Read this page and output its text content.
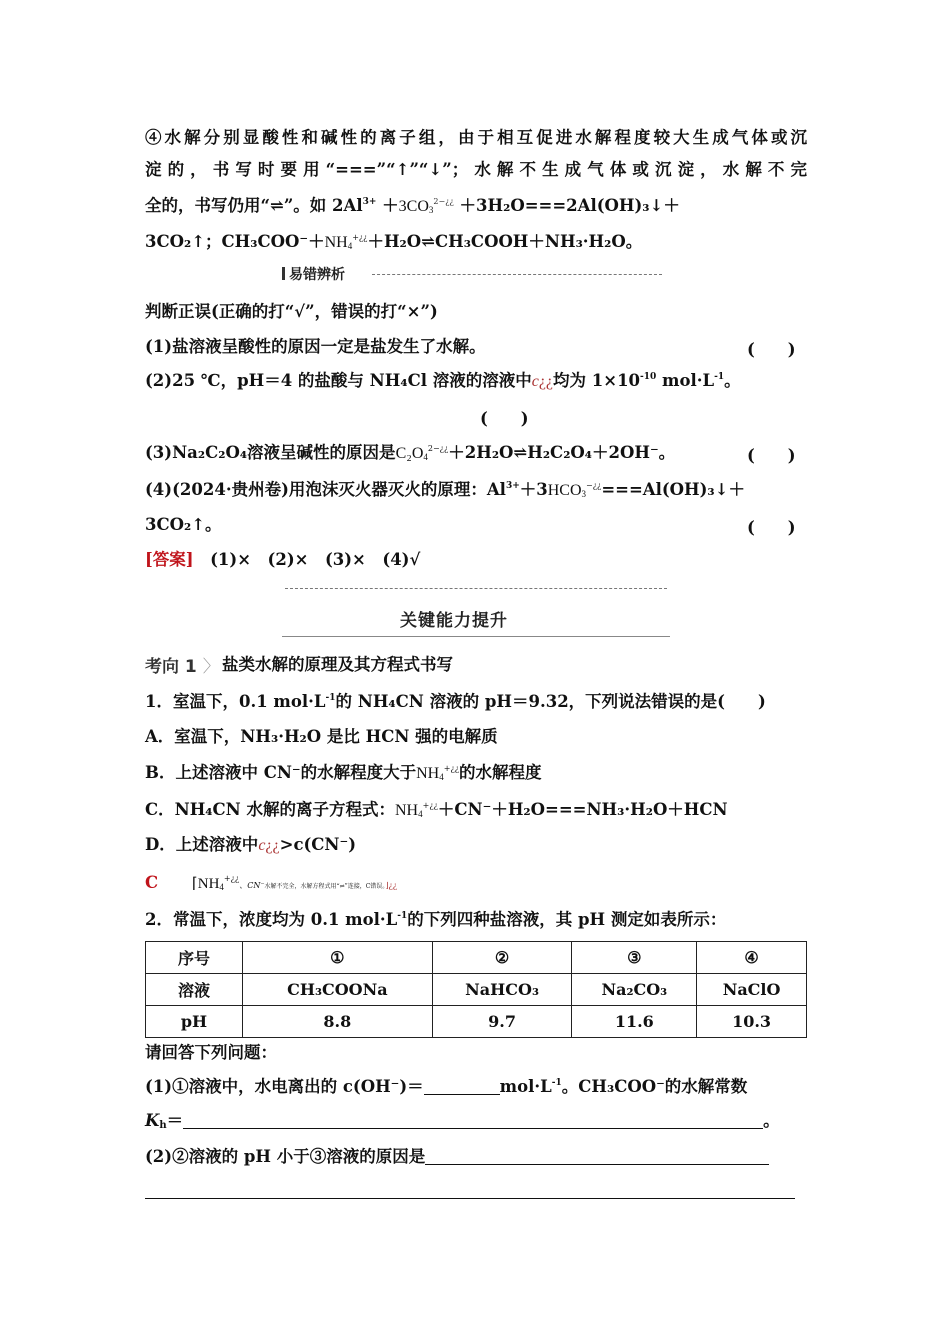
④水解分别显酸性和碱性的离子组，由于相互促进水解程度较大生成气体或沉
淀的，书写时要用“===”“↑”“↓”；水解不生成气体或沉淀，水解不完
全的，书写仍用“⇌”。如 $2Al^{3+} +3CO_3^{2-¿¿}$ ＋3H₂O===2Al(OH)₃↓＋
3CO₂↑；$CH_3COO^-+NH_4^{+¿¿}+H_2O\rightleftharpoons CH_3COOH+NH_3\cdot H_2O$。
易错辨析
判断正误(正确的打“√”，错误的打“×”)
(1)盐溶液呈酸性的原因一定是盐发生了水解。	(　　)
(2)25 ℃，pH＝4 的盐酸与 NH₄Cl 溶液的溶液中c¿¿均为 $1\times 10^{-10}$ $mol\cdot L^{-1}$。
(　　)
(3)Na₂C₂O₄溶液呈碱性的原因是$C_2O_4^{2-¿¿}+2H_2O\rightleftharpoons H_2C_2O_4+2OH^-$。	(　　)
(4)(2024·贵州卷)用泡沫灭火器灭火的原理：$Al^{3+}+3HCO_3^{-¿¿}===Al(OH)_3↓+$
3CO₂↑。	(　　)
[答案]　 (1)×　(2)×　(3)×　(4)√
关键能力提升
考向 1 〉 盐类水解的原理及其方程式书写
1．室温下，0.1 $mol\cdot L^{-1}$的 NH₄CN 溶液的 pH＝9.32，下列说法错误的是(　　)
A．室温下，NH₃·H₂O 是比 HCN 强的电解质
B．上述溶液中 CN⁻的水解程度大于$NH_4^{+¿¿}$的水解程度
C．NH₄CN 水解的离子方程式：$NH_4^{+¿¿}+CN^-+H_2O===NH_3\cdot H_2O+HCN$
D．上述溶液中c¿¿>c(CN⁻)
C $⌈NH_4^{+¿¿}$、CN⁻水解不完全，水解方程式用“⇌”连接，C错误。⌋¿¿
2．常温下，浓度均为 0.1 $mol\cdot L^{-1}$的下列四种盐溶液，其 pH 测定如表所示：
序号	①	②	③	④
溶液	CH₃COONa	NaHCO₃	Na₂CO₃	NaClO
pH	8.8	9.7	11.6	10.3
请回答下列问题：
(1)①溶液中，水电离出的 c(OH⁻)＝	$mol\cdot L^{-1}$。CH₃COO⁻的水解常数
$K_h=$	。
(2)②溶液的 pH 小于③溶液的原因是
